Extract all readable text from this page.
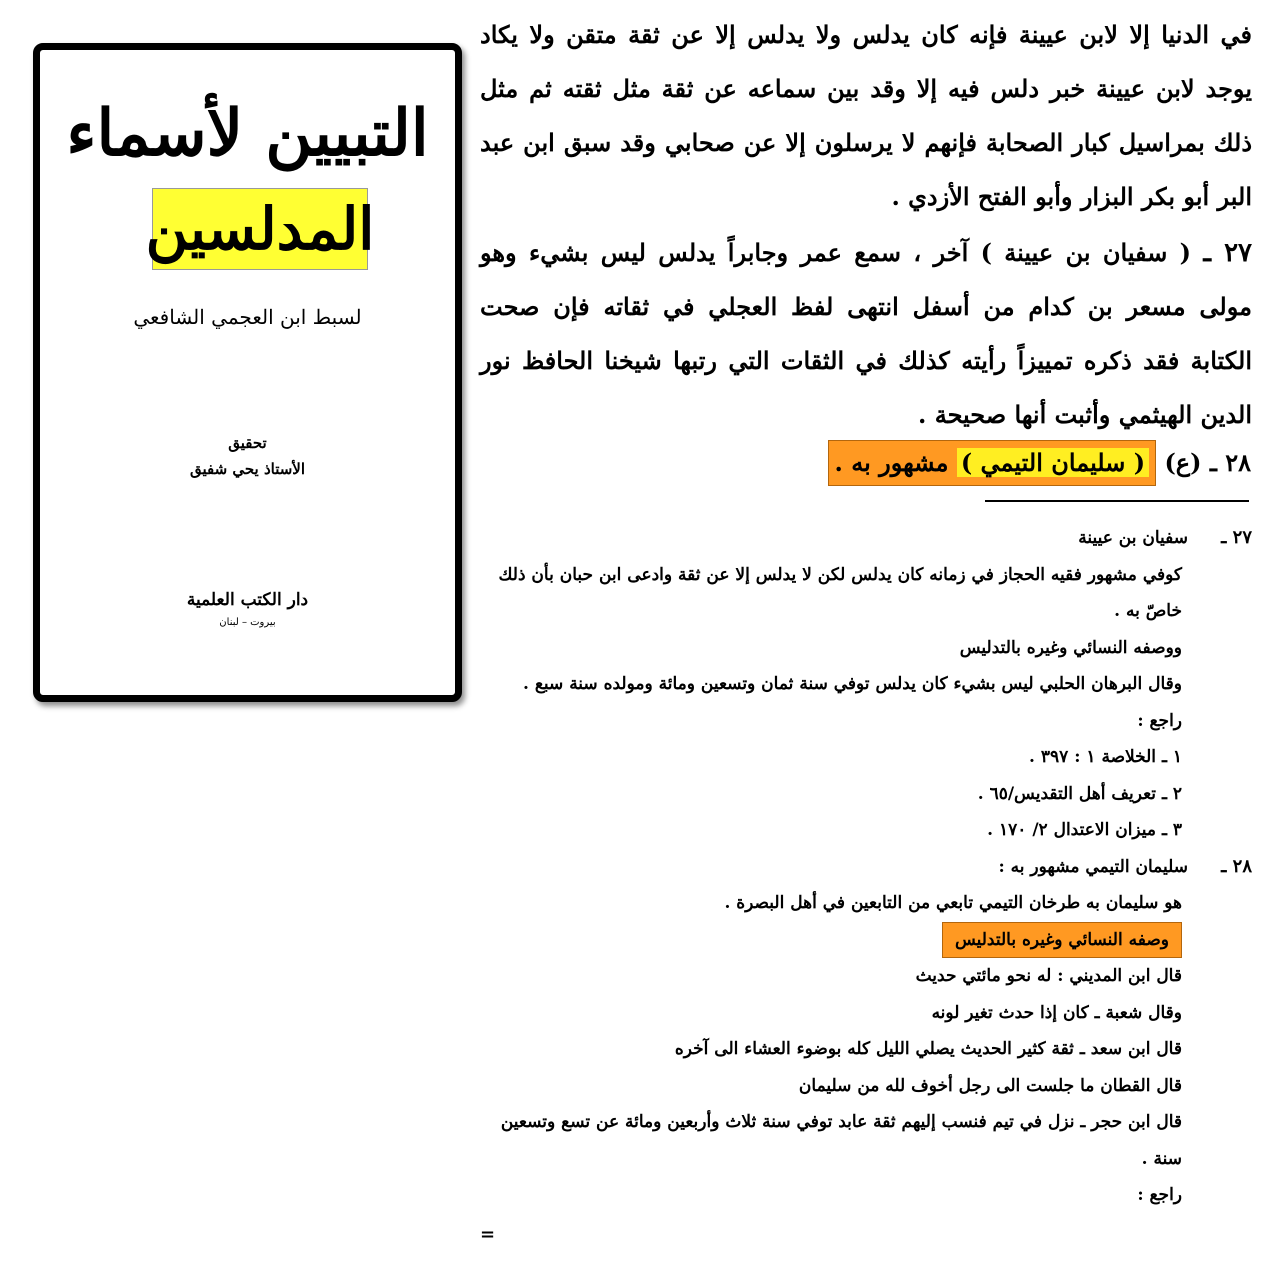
التبيين لأسماء
المدلسين
لسبط ابن العجمي الشافعي
تحقيق
الأستاذ يحي شفيق
دار الكتب العلمية
بيروت – لبنان

في الدنيا إلا لابن عيينة فإنه كان يدلس ولا يدلس إلا عن ثقة متقن ولا يكاد يوجد لابن عيينة خبر دلس فيه إلا وقد بين سماعه عن ثقة مثل ثقته ثم مثل ذلك بمراسيل كبار الصحابة فإنهم لا يرسلون إلا عن صحابي وقد سبق ابن عبد البر أبو بكر البزار وأبو الفتح الأزدي .

٢٧ ـ ( سفيان بن عيينة ) آخر ، سمع عمر وجابراً يدلس ليس بشيء وهو مولى مسعر بن كدام من أسفل انتهى لفظ العجلي في ثقاته فإن صحت الكتابة فقد ذكره تمييزاً رأيته كذلك في الثقات التي رتبها شيخنا الحافظ نور الدين الهيثمي وأثبت أنها صحيحة .

٢٨ ـ (ع) ( سليمان التيمي ) مشهور به .
٢٧ ـسفيان بن عيينة
كوفي مشهور فقيه الحجاز في زمانه كان يدلس لكن لا يدلس إلا عن ثقة وادعى ابن حبان بأن ذلك خاصّ به .
ووصفه النسائي وغيره بالتدليس
وقال البرهان الحلبي ليس بشيء كان يدلس توفي سنة ثمان وتسعين ومائة ومولده سنة سبع .
راجع :
١ ـ الخلاصة ١ : ٣٩٧ .
٢ ـ تعريف أهل التقديس/٦٥ .
٣ ـ ميزان الاعتدال ٢/ ١٧٠ .
٢٨ ـسليمان التيمي مشهور به :
هو سليمان به طرخان التيمي تابعي من التابعين في أهل البصرة .
وصفه النسائي وغيره بالتدليس
قال ابن المديني : له نحو مائتي حديث
وقال شعبة ـ كان إذا حدث تغير لونه
قال ابن سعد ـ ثقة كثير الحديث يصلي الليل كله بوضوء العشاء الى آخره
قال القطان ما جلست الى رجل أخوف لله من سليمان
قال ابن حجر ـ نزل في تيم فنسب إليهم ثقة عابد توفي سنة ثلاث وأربعين ومائة عن تسع وتسعين سنة .
راجع :
=
